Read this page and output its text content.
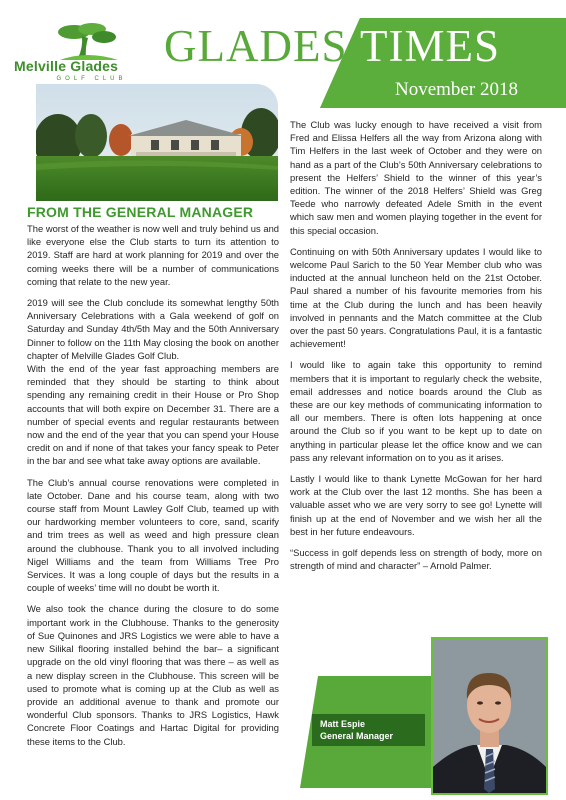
Melville Glades
GOLF CLUB
GLADES TIMES
November 2018
FROM THE GENERAL MANAGER

The worst of the weather is now well and truly behind us and like everyone else the Club starts to turn its attention to 2019. Staff are hard at work planning for 2019 and over the coming weeks there will be a number of communications coming that relate to the new year.

2019 will see the Club conclude its somewhat lengthy 50th Anniversary Celebrations with a Gala weekend of golf on Saturday and Sunday 4th/5th May and the 50th Anniversary Dinner to follow on the 11th May closing the book on another chapter of Melville Glades Golf Club.

With the end of the year fast approaching members are reminded that they should be starting to think about spending any remaining credit in their House or Pro Shop accounts that will both expire on December 31. There are a number of special events and regular restaurants between now and the end of the year that you can spend your House credit on and if none of that takes your fancy speak to Peter in the bar and see what take away options are available.

The Club’s annual course renovations were completed in late October. Dane and his course team, along with two course staff from Mount Lawley Golf Club, teamed up with our hardworking member volunteers to core, sand, scarify and trim trees as well as weed and high pressure clean around the clubhouse. Thank you to all involved including Nigel Williams and the team from Williams Tree Pro Services. It was a long couple of days but the results in a couple of weeks’ time will no doubt be worth it.

We also took the chance during the closure to do some important work in the Clubhouse. Thanks to the generosity of Sue Quinones and JRS Logistics we were able to have a new Silikal flooring installed behind the bar– a significant upgrade on the old vinyl flooring that was there – as well as a new display screen in the Clubhouse. This screen will be used to promote what is coming up at the Club as well as provide an additional avenue to thank and promote our wonderful Club sponsors. Thanks to JRS Logistics, Hawk Concrete Floor Coatings and Hartac Digital for providing these items to the Club.

The Club was lucky enough to have received a visit from Fred and Elissa Helfers all the way from Arizona along with Tim Helfers in the last week of October and they were on hand as a part of the Club’s 50th Anniversary celebrations to present the Helfers’ Shield to the winner of this year’s edition. The winner of the 2018 Helfers’ Shield was Greg Teede who narrowly defeated Adele Smith in the event which saw men and women playing together in the event for this special occasion.

Continuing on with 50th Anniversary updates I would like to welcome Paul Sarich to the 50 Year Member club who was inducted at the annual luncheon held on the 21st October. Paul shared a number of his favourite memories from his time at the Club during the lunch and has been heavily involved in pennants and the Match committee at the Club over the past 50 years. Congratulations Paul, it is a fantastic achievement!

I would like to again take this opportunity to remind members that it is important to regularly check the website, email addresses and notice boards around the Club as these are our key methods of communicating information to all our members. There is often lots happening at once around the Club so if you want to be kept up to date on anything in particular please let the office know and we can pass any relevant information on to you as it arises.

Lastly I would like to thank Lynette McGowan for her hard work at the Club over the last 12 months. She has been a valuable asset who we are very sorry to see go! Lynette will finish up at the end of November and we wish her all the best in her future endeavours.

“Success in golf depends less on strength of body, more on strength of mind and character” – Arnold Palmer.

Matt Espie
General Manager
